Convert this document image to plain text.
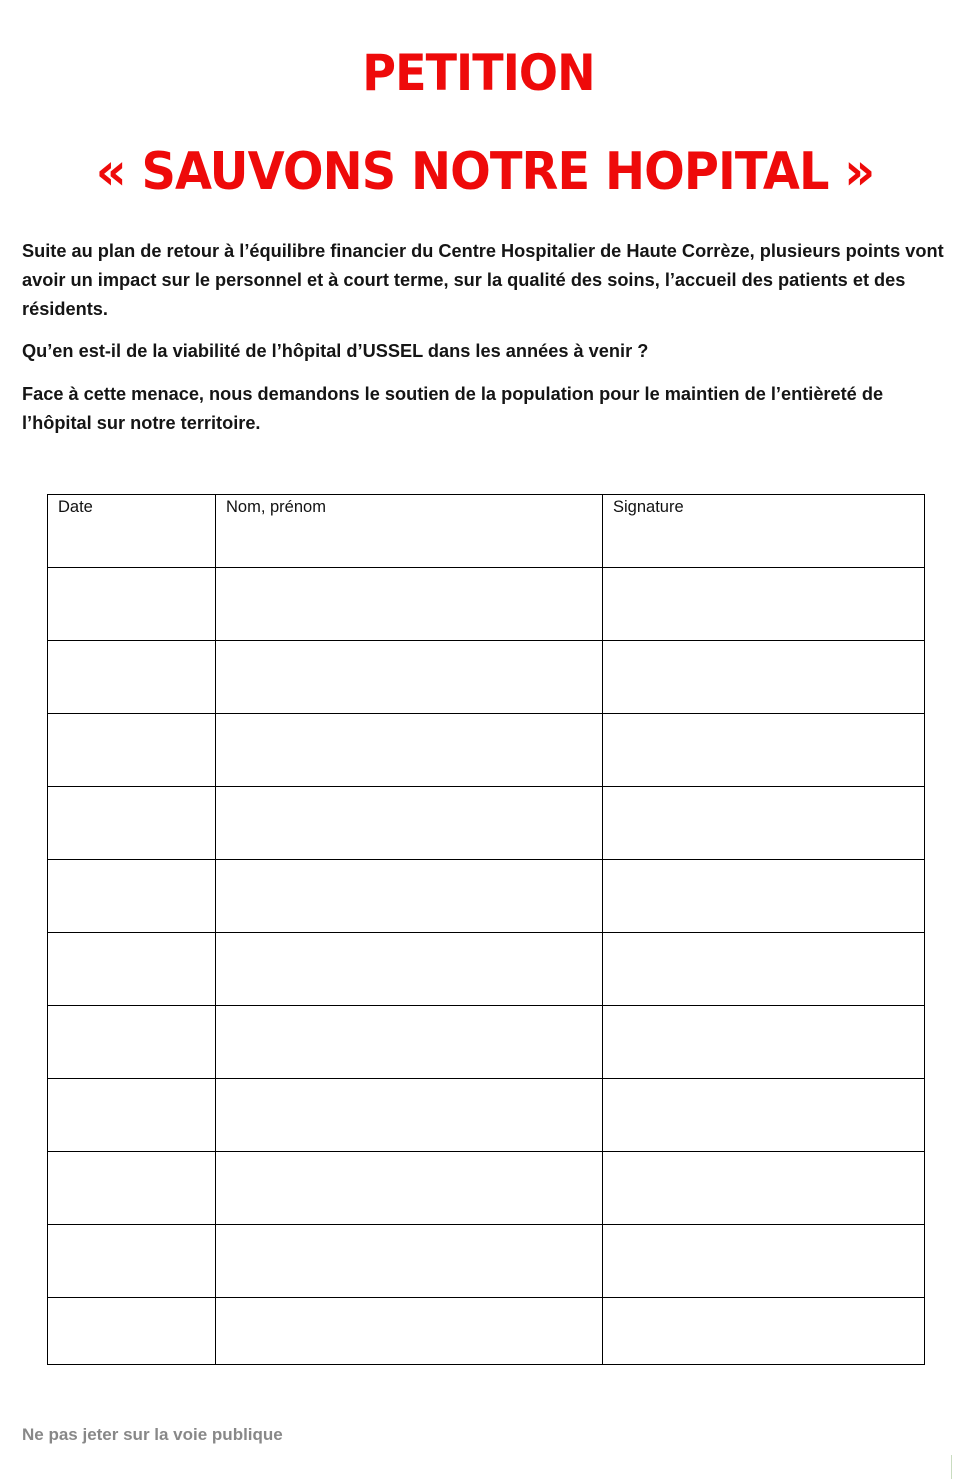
PETITION
« SAUVONS NOTRE HOPITAL »
Suite au plan de retour à l’équilibre financier du Centre Hospitalier de Haute Corrèze, plusieurs points vont avoir un impact sur le personnel et à court terme, sur la qualité des soins, l’accueil des patients et des résidents.
Qu’en est-il de la viabilité de l’hôpital d’USSEL dans les années à venir ?
Face à cette menace, nous demandons le soutien de la population pour le maintien de l’entièreté de l’hôpital sur notre territoire.
Date	Nom, prénom	Signature

Ne pas jeter sur la voie publique
